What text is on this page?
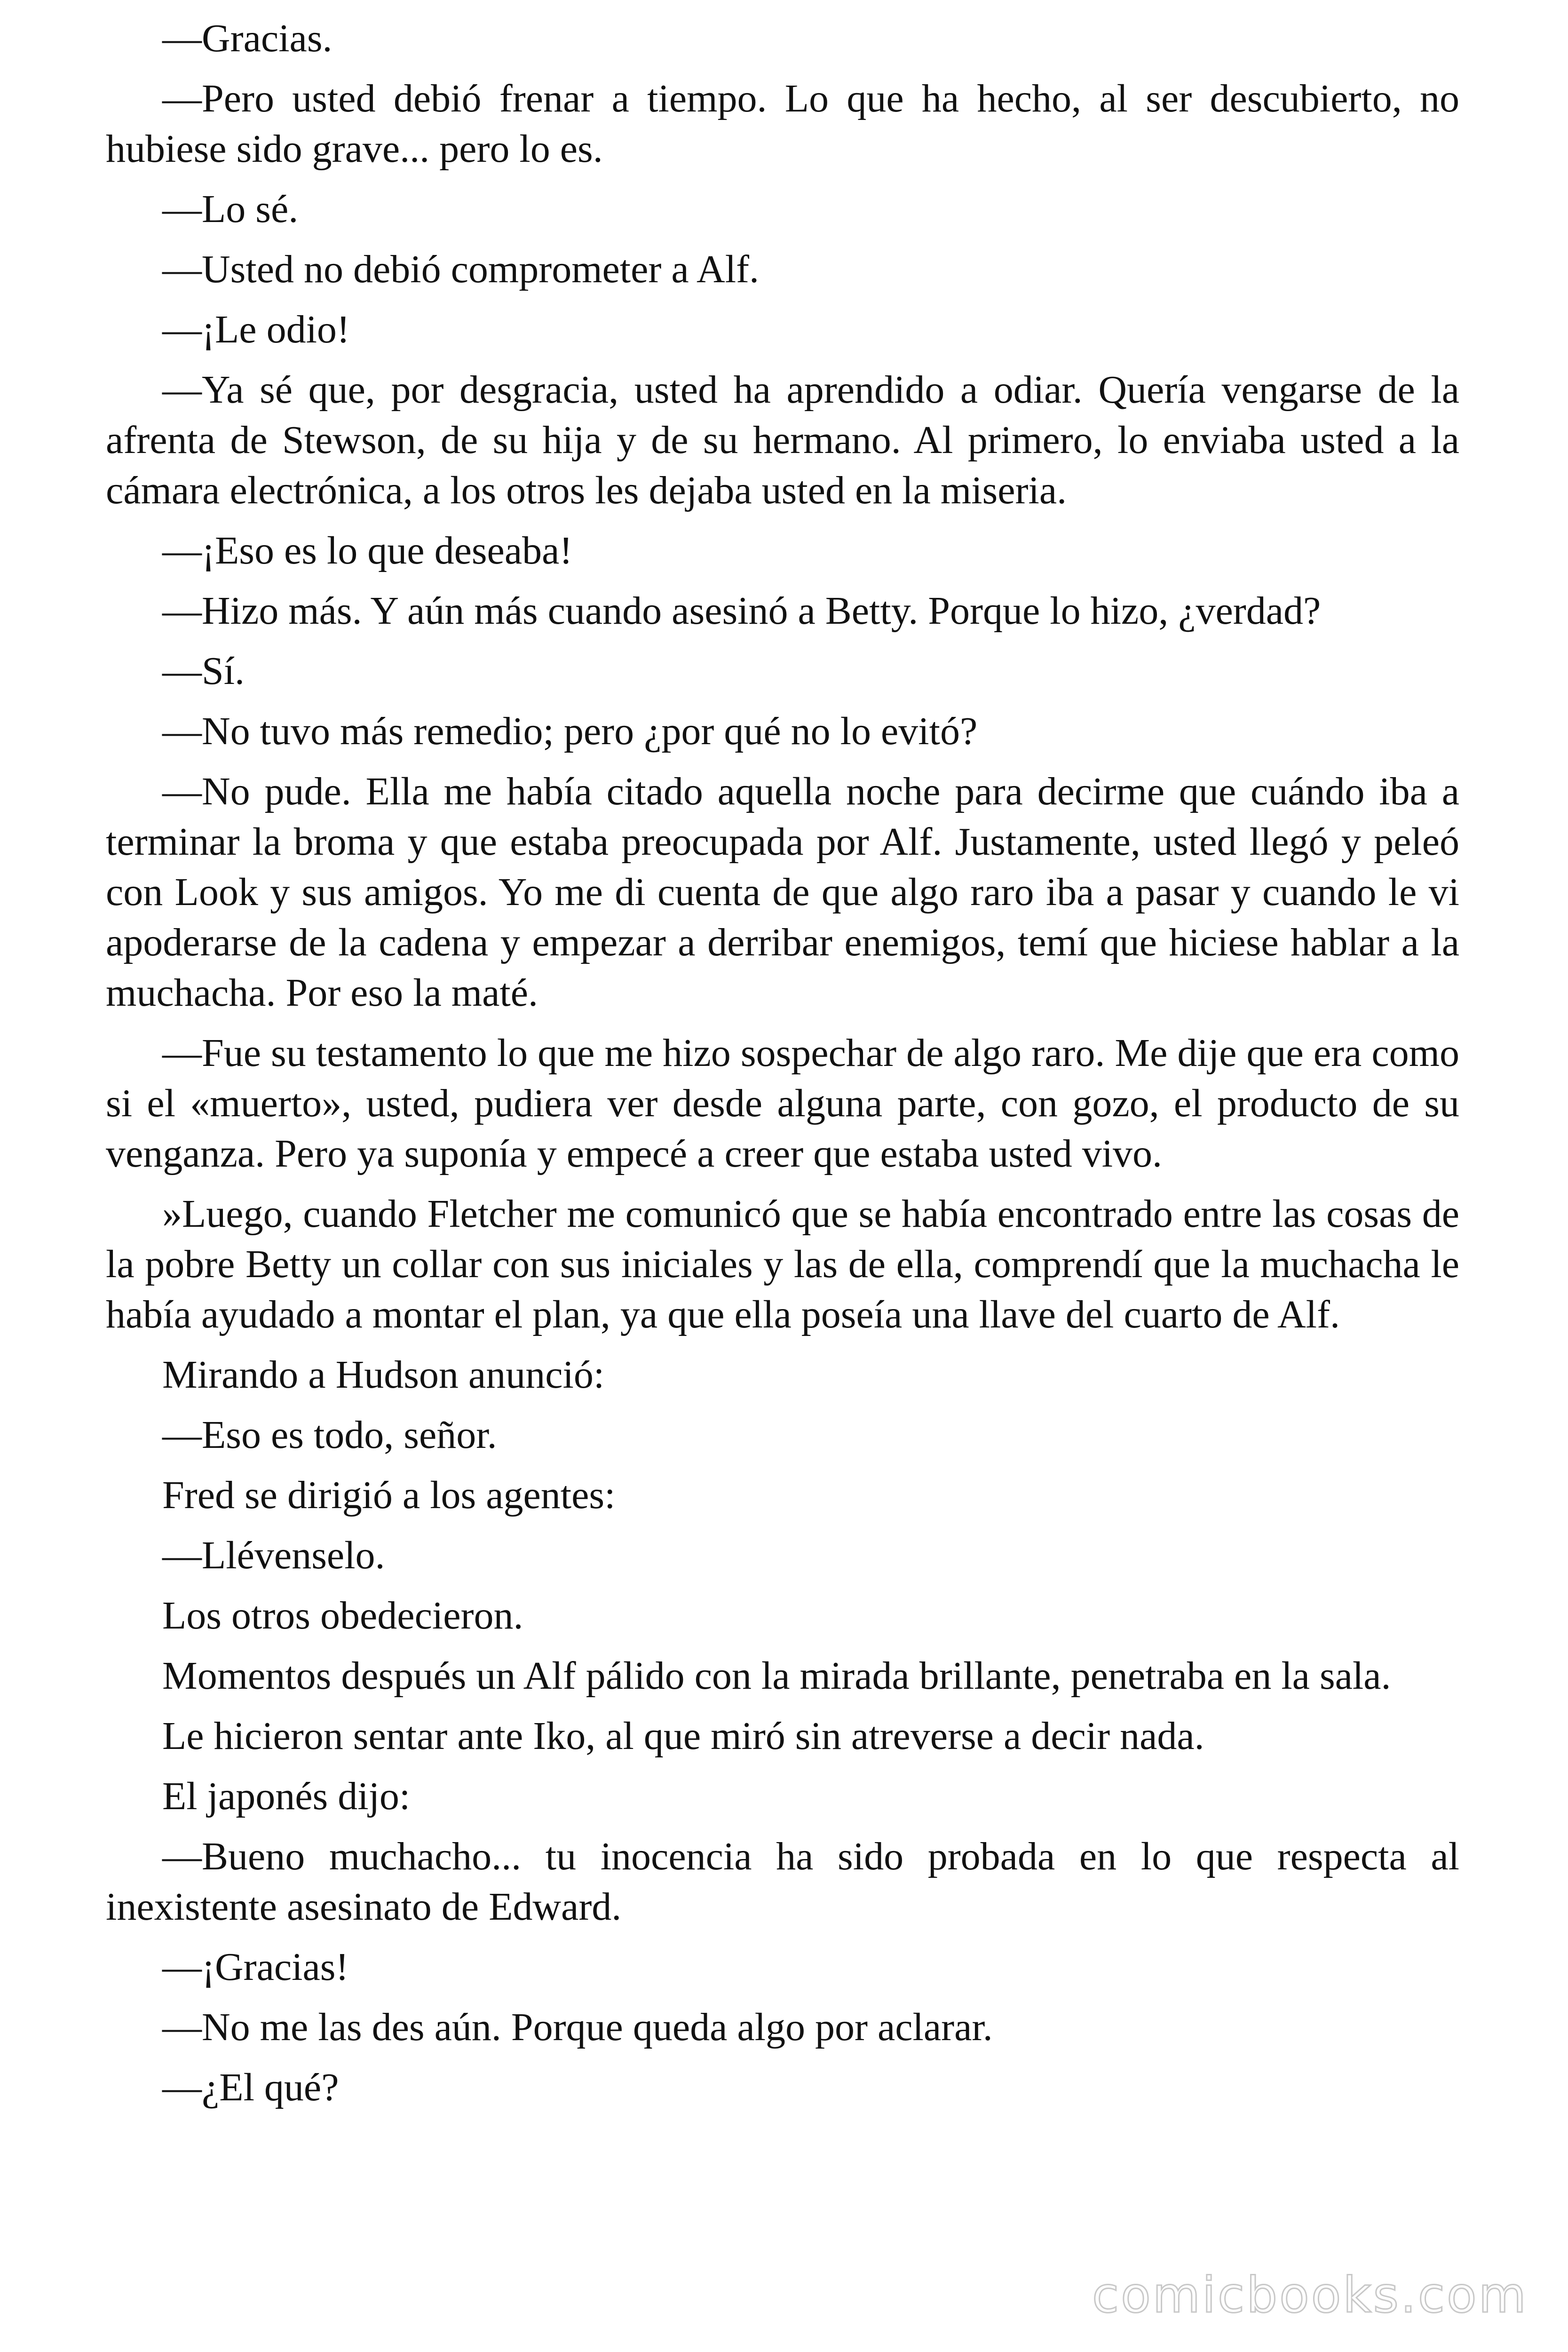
—Gracias.

—Pero usted debió frenar a tiempo. Lo que ha hecho, al ser descubierto, no hubiese sido grave... pero lo es.

—Lo sé.

—Usted no debió comprometer a Alf.

—¡Le odio!

—Ya sé que, por desgracia, usted ha aprendido a odiar. Quería vengarse de la afrenta de Stewson, de su hija y de su hermano. Al primero, lo enviaba usted a la cámara electrónica, a los otros les dejaba usted en la miseria.

—¡Eso es lo que deseaba!

—Hizo más. Y aún más cuando asesinó a Betty. Porque lo hizo, ¿verdad?

—Sí.

—No tuvo más remedio; pero ¿por qué no lo evitó?

—No pude. Ella me había citado aquella noche para decirme que cuándo iba a terminar la broma y que estaba preocupada por Alf. Justamente, usted llegó y peleó con Look y sus amigos. Yo me di cuenta de que algo raro iba a pasar y cuando le vi apoderarse de la cadena y empezar a derribar enemigos, temí que hiciese hablar a la muchacha. Por eso la maté.

—Fue su testamento lo que me hizo sospechar de algo raro. Me dije que era como si el «muerto», usted, pudiera ver desde alguna parte, con gozo, el producto de su venganza. Pero ya suponía y empecé a creer que estaba usted vivo.

»Luego, cuando Fletcher me comunicó que se había encontrado entre las cosas de la pobre Betty un collar con sus iniciales y las de ella, comprendí que la muchacha le había ayudado a montar el plan, ya que ella poseía una llave del cuarto de Alf.

Mirando a Hudson anunció:

—Eso es todo, señor.

Fred se dirigió a los agentes:

—Llévenselo.

Los otros obedecieron.

Momentos después un Alf pálido con la mirada brillante, penetraba en la sala.

Le hicieron sentar ante Iko, al que miró sin atreverse a decir nada.

El japonés dijo:

—Bueno muchacho... tu inocencia ha sido probada en lo que respecta al inexistente asesinato de Edward.

—¡Gracias!

—No me las des aún. Porque queda algo por aclarar.

—¿El qué?

comicbooks.com
